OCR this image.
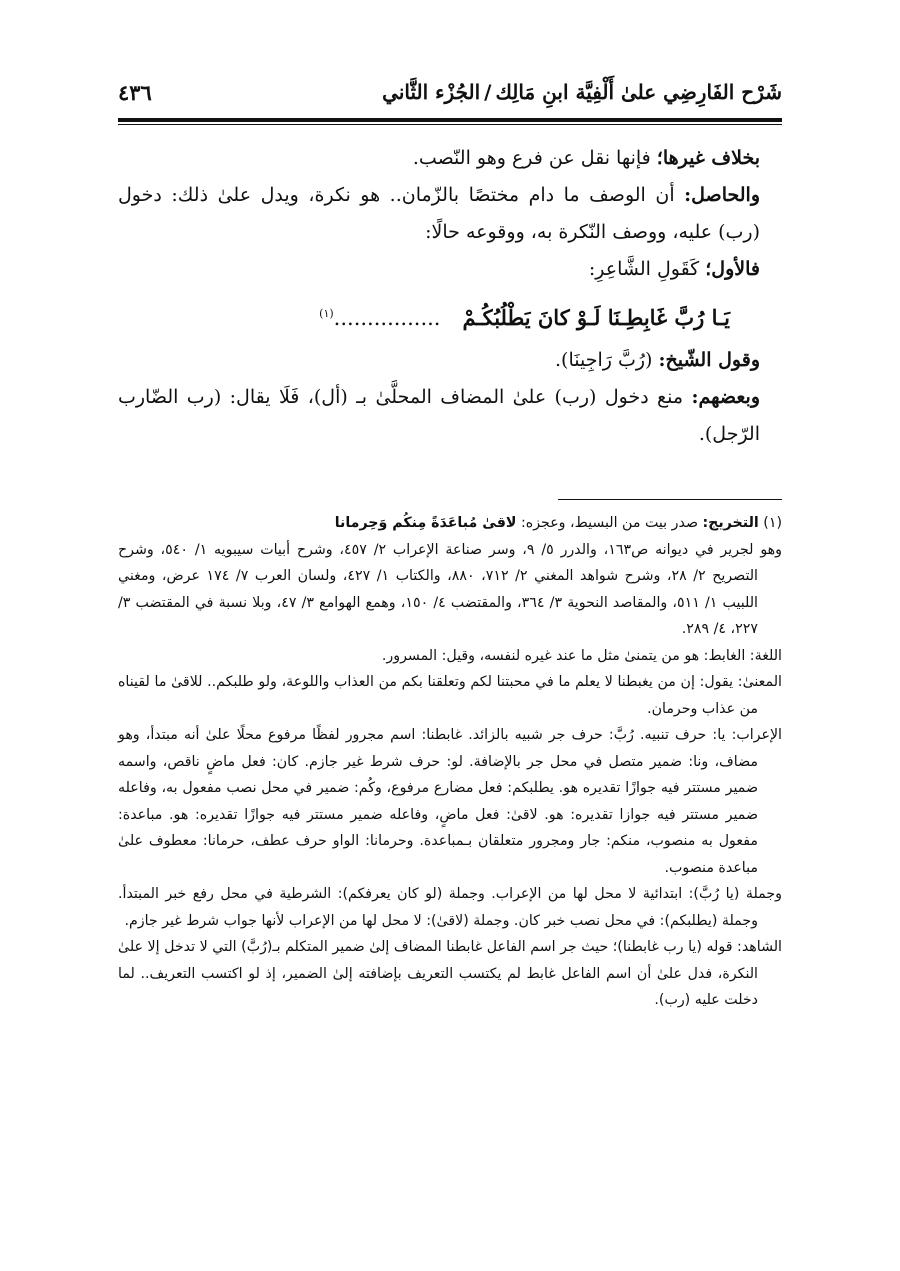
شَرْح الفَارِضِي علىٰ أَلْفِيَّة ابنِ مَالِك/الجُزْء الثَّاني
٤٣٦

بخلاف غيرها؛ فإنها نقل عن فرع وهو النّصب.

والحاصل: أن الوصف ما دام مختصًا بالزّمان.. هو نكرة، ويدل علىٰ ذلك: دخول (رب) عليه، ووصف النّكرة به، ووقوعه حالًا:

فالأول؛ كَقَولِ الشَّاعِرِ:

يَـا رُبَّ غَابِطِـنَا لَـوْ كانَ يَطْلُبُكُـمْ................$^{(١)}$

وقول الشّيخ: (رُبَّ رَاجِينَا).

وبعضهم: منع دخول (رب) علىٰ المضاف المحلَّىٰ بـ (أل)، فَلَا يقال: (رب الضّارب الرّجل).

(١) التخريج: صدر بيت من البسيط، وعجزه: لاقىٰ مُباعَدَةً مِنكُم وَحِرمانا

وهو لجرير في ديوانه ص١٦٣، والدرر ٥/ ٩، وسر صناعة الإعراب ٢/ ٤٥٧، وشرح أبيات سيبويه ١/ ٥٤٠، وشرح التصريح ٢/ ٢٨، وشرح شواهد المغني ٢/ ٧١٢، ٨٨٠، والكتاب ١/ ٤٢٧، ولسان العرب ٧/ ١٧٤ عرض، ومغني اللبيب ١/ ٥١١، والمقاصد النحوية ٣/ ٣٦٤، والمقتضب ٤/ ١٥٠، وهمع الهوامع ٣/ ٤٧، وبلا نسبة في المقتضب ٣/ ٢٢٧، ٤/ ٢٨٩.

اللغة: الغابط: هو من يتمنىٰ مثل ما عند غيره لنفسه، وقيل: المسرور.

المعنىٰ: يقول: إن من يغبطنا لا يعلم ما في محبتنا لكم وتعلقنا بكم من العذاب واللوعة، ولو طلبكم.. للاقىٰ ما لقيناه من عذاب وحرمان.

الإعراب: يا: حرف تنبيه. رُبَّ: حرف جر شبيه بالزائد. غابطنا: اسم مجرور لفظًا مرفوع محلًا علىٰ أنه مبتدأ، وهو مضاف، ونا: ضمير متصل في محل جر بالإضافة. لو: حرف شرط غير جازم. كان: فعل ماضٍ ناقص، واسمه ضمير مستتر فيه جوازًا تقديره هو. يطلبكم: فعل مضارع مرفوع، وكُم: ضمير في محل نصب مفعول به، وفاعله ضمير مستتر فيه جوازا تقديره: هو. لاقىٰ: فعل ماضٍ، وفاعله ضمير مستتر فيه جوازًا تقديره: هو. مباعدة: مفعول به منصوب، منكم: جار ومجرور متعلقان بـمباعدة. وحرمانا: الواو حرف عطف، حرمانا: معطوف علىٰ مباعدة منصوب.

وجملة (يا رُبَّ): ابتدائية لا محل لها من الإعراب. وجملة (لو كان يعرفكم): الشرطية في محل رفع خبر المبتدأ. وجملة (يطلبكم): في محل نصب خبر كان. وجملة (لاقىٰ): لا محل لها من الإعراب لأنها جواب شرط غير جازم.

الشاهد: قوله (يا رب غابطنا)؛ حيث جر اسم الفاعل غابطنا المضاف إلىٰ ضمير المتكلم بـ(رُبَّ) التي لا تدخل إلا علىٰ النكرة، فدل علىٰ أن اسم الفاعل غابط لم يكتسب التعريف بإضافته إلىٰ الضمير، إذ لو اكتسب التعريف.. لما دخلت عليه (رب).
